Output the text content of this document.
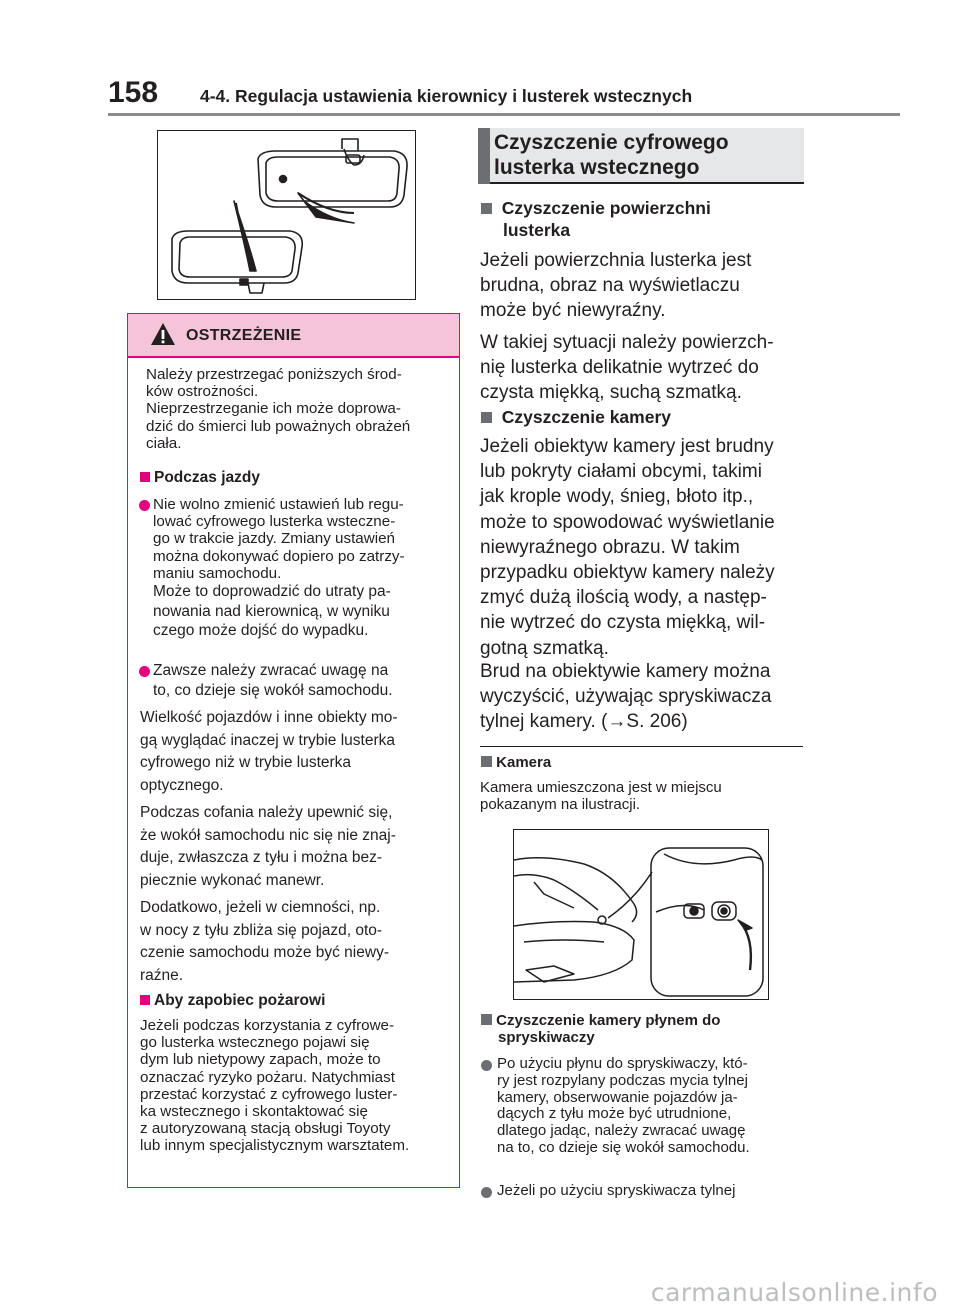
158 4-4. Regulacja ustawienia kierownicy i lusterek wstecznych
OSTRZEŻENIE
Należy przestrzegać poniższych środ-
ków ostrożności.
Nieprzestrzeganie ich może doprowa-
dzić do śmierci lub poważnych obrażeń
ciała.
Podczas jazdy
Nie wolno zmienić ustawień lub regu-
lować cyfrowego lusterka wsteczne-
go w trakcie jazdy. Zmiany ustawień
można dokonywać dopiero po zatrzy-
maniu samochodu.
Może to doprowadzić do utraty pa-
nowania nad kierownicą, w wyniku
czego może dojść do wypadku.
Zawsze należy zwracać uwagę na
to, co dzieje się wokół samochodu.
Wielkość pojazdów i inne obiekty mo-
gą wyglądać inaczej w trybie lusterka
cyfrowego niż w trybie lusterka
optycznego.
Podczas cofania należy upewnić się,
że wokół samochodu nic się nie znaj-
duje, zwłaszcza z tyłu i można bez-
piecznie wykonać manewr.
Dodatkowo, jeżeli w ciemności, np.
w nocy z tyłu zbliża się pojazd, oto-
czenie samochodu może być niewy-
raźne.
Aby zapobiec pożarowi
Jeżeli podczas korzystania z cyfrowe-
go lusterka wstecznego pojawi się
dym lub nietypowy zapach, może to
oznaczać ryzyko pożaru. Natychmiast
przestać korzystać z cyfrowego luster-
ka wstecznego i skontaktować się
z autoryzowaną stacją obsługi Toyoty
lub innym specjalistycznym warsztatem.
Czyszczenie cyfrowego
lusterka wstecznego
Czyszczenie powierzchni
lusterka
Jeżeli powierzchnia lusterka jest
brudna, obraz na wyświetlaczu
może być niewyraźny.
W takiej sytuacji należy powierzch-
nię lusterka delikatnie wytrzeć do
czysta miękką, suchą szmatką.
Czyszczenie kamery
Jeżeli obiektyw kamery jest brudny
lub pokryty ciałami obcymi, takimi
jak krople wody, śnieg, błoto itp.,
może to spowodować wyświetlanie
niewyraźnego obrazu. W takim
przypadku obiektyw kamery należy
zmyć dużą ilością wody, a następ-
nie wytrzeć do czysta miękką, wil-
gotną szmatką.
Brud na obiektywie kamery można
wyczyścić, używając spryskiwacza
tylnej kamery. (→S. 206)
Kamera
Kamera umieszczona jest w miejscu
pokazanym na ilustracji.
Czyszczenie kamery płynem do
spryskiwaczy
Po użyciu płynu do spryskiwaczy, któ-
ry jest rozpylany podczas mycia tylnej
kamery, obserwowanie pojazdów ja-
dących z tyłu może być utrudnione,
dlatego jadąc, należy zwracać uwagę
na to, co dzieje się wokół samochodu.
Jeżeli po użyciu spryskiwacza tylnej
carmanualsonline.info
